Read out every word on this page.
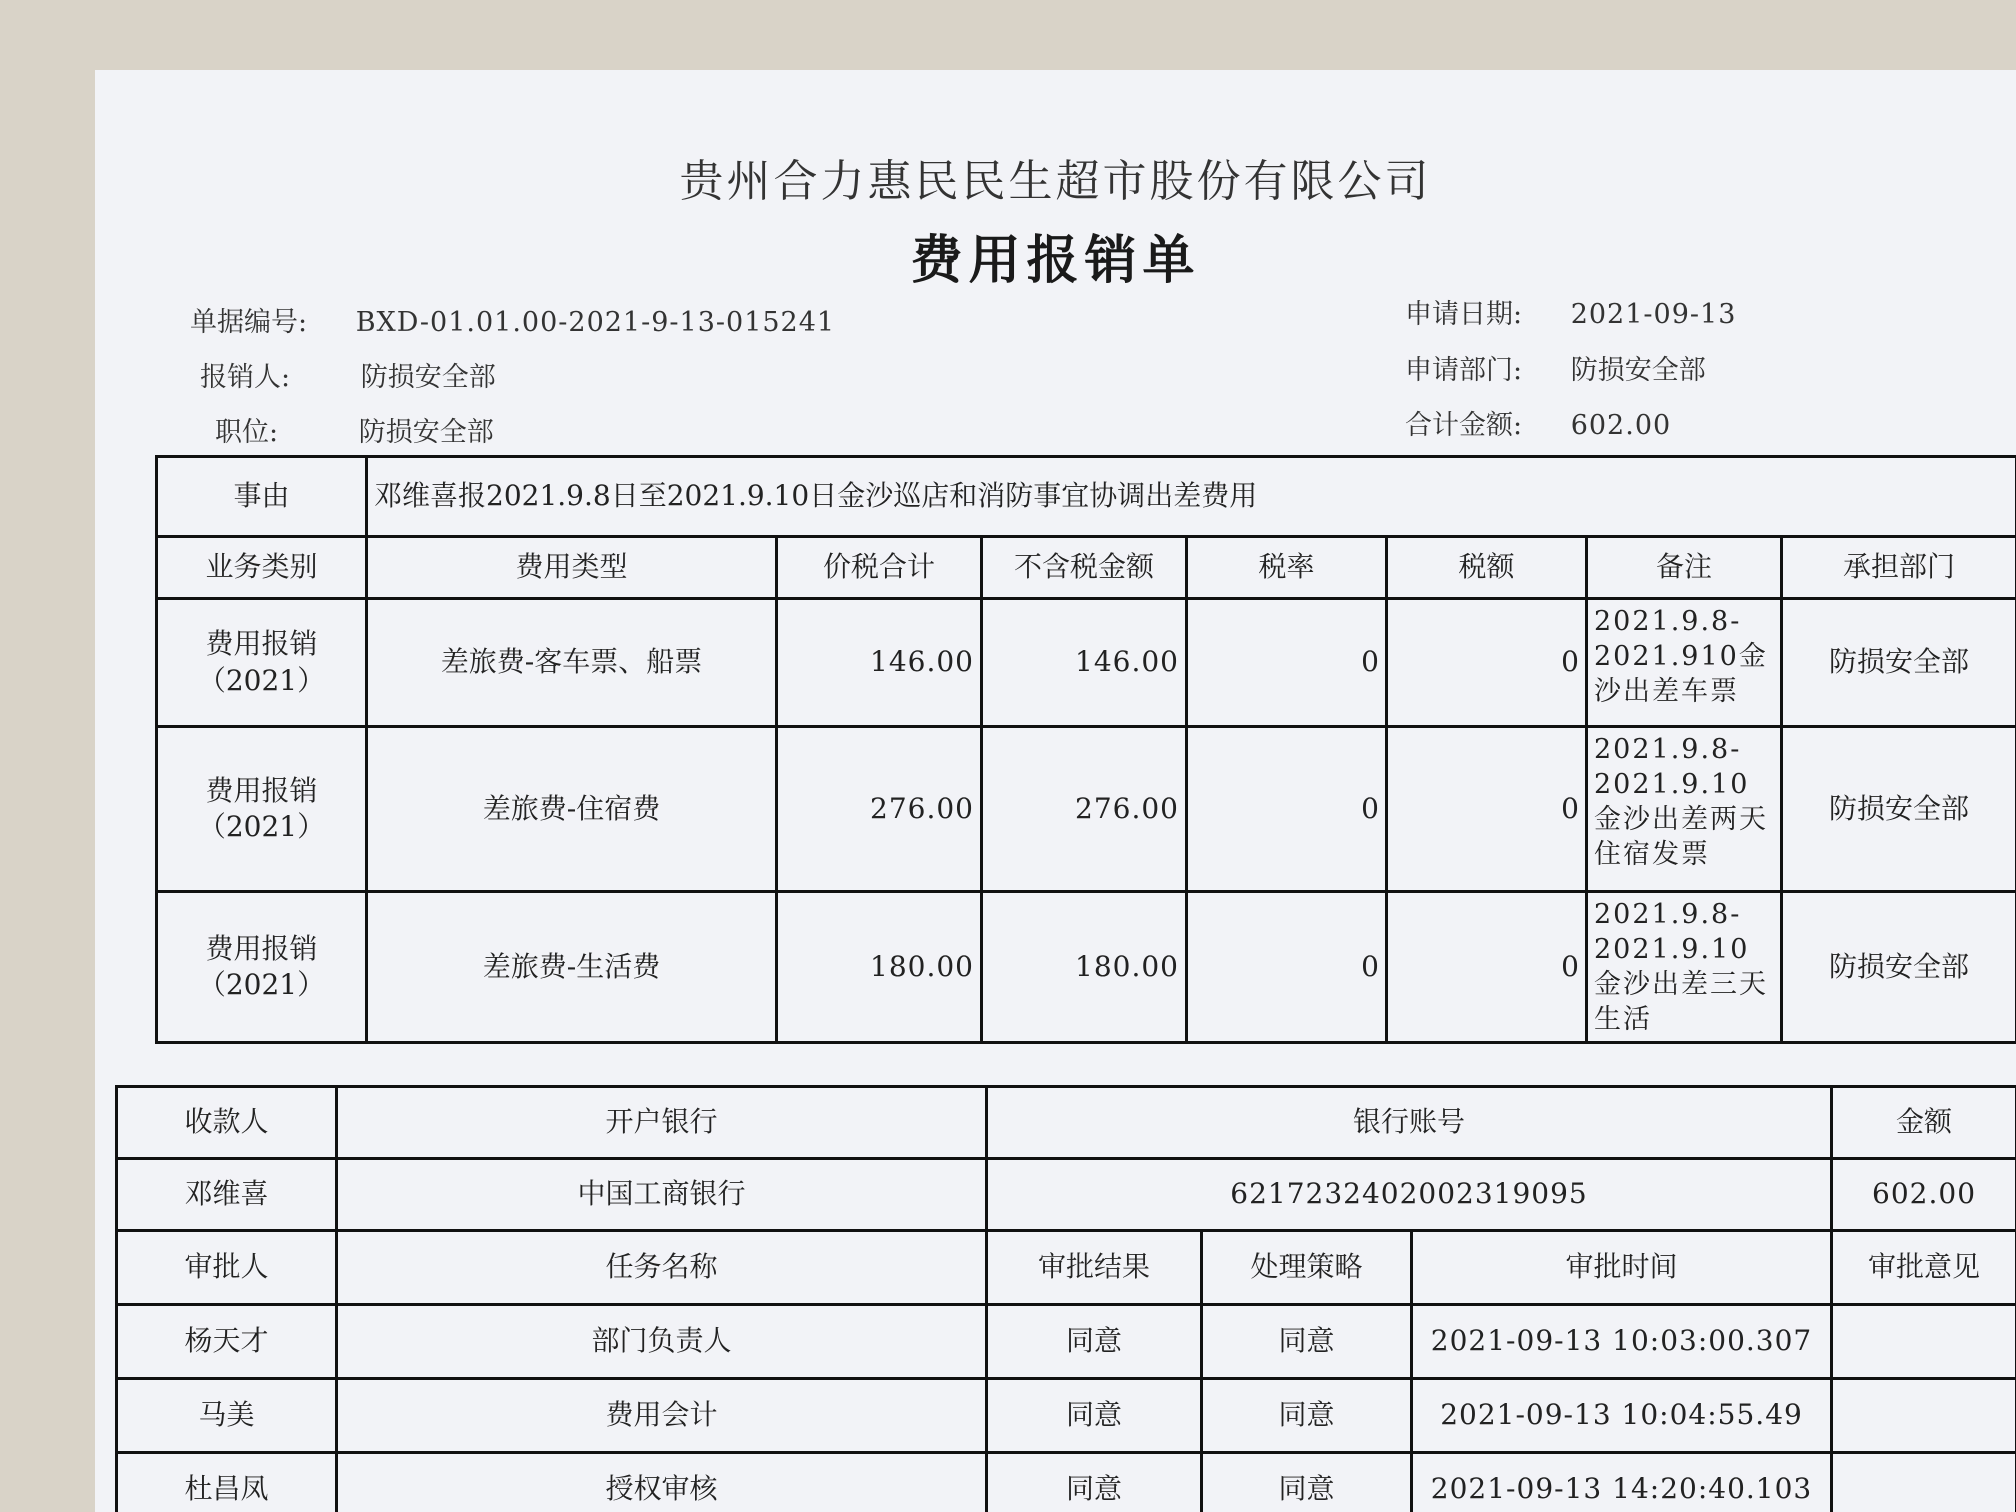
贵州合力惠民民生超市股份有限公司
费用报销单
单据编号: BXD-01.01.00-2021-9-13-015241
报销人:	防损安全部
职位:	防损安全部
申请日期: 2021-09-13
申请部门: 防损安全部
合计金额: 602.00
事由	邓维喜报2021.9.8日至2021.9.10日金沙巡店和消防事宜协调出差费用						
业务类别	费用类型	价税合计	不含税金额	税率	税额	备注	承担部门
费用报销（2021）	差旅费-客车票、船票	146.00	146.00	0	0	2021.9.8-2021.910金沙出差车票	防损安全部
费用报销（2021）	差旅费-住宿费	276.00	276.00	0	0	2021.9.8-2021.9.10金沙出差两天住宿发票	防损安全部
费用报销（2021）	差旅费-生活费	180.00	180.00	0	0	2021.9.8-2021.9.10金沙出差三天生活	防损安全部
收款人	开户银行	银行账号			金额
邓维喜	中国工商银行	6217232402002319095			602.00
审批人	任务名称	审批结果	处理策略	审批时间	审批意见
杨天才	部门负责人	同意	同意	2021-09-13 10:03:00.307	
马美	费用会计	同意	同意	2021-09-13 10:04:55.49	
杜昌凤	授权审核	同意	同意	2021-09-13 14:20:40.103	
